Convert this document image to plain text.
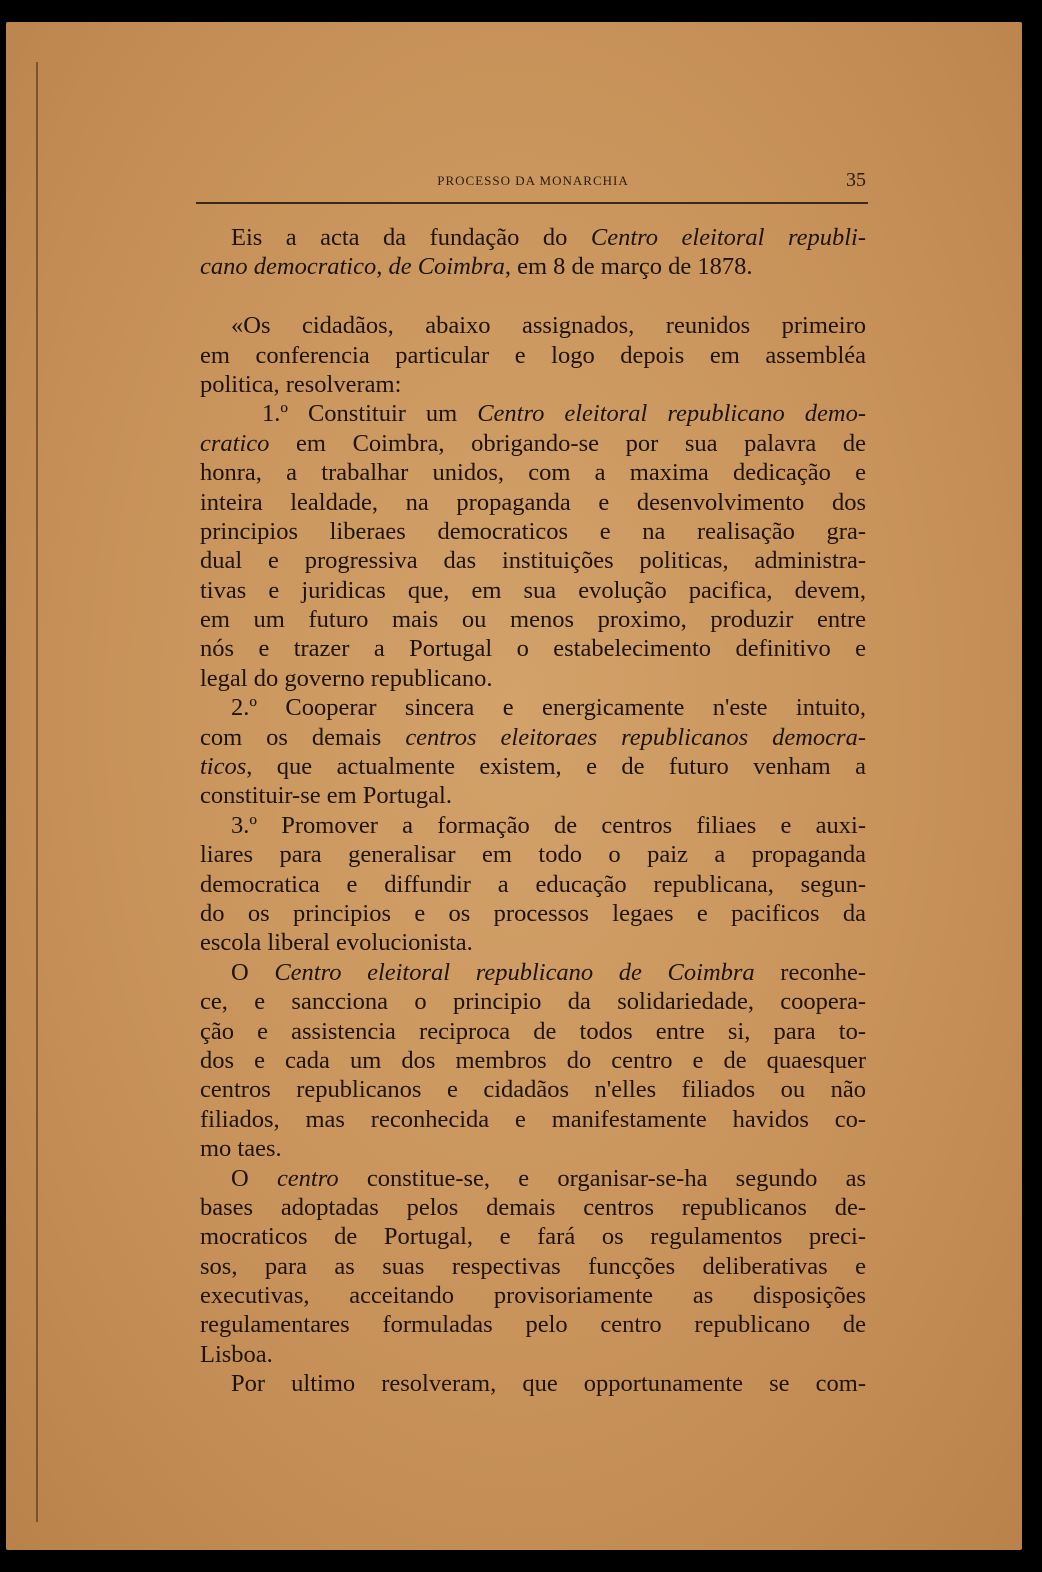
PROCESSO DA MONARCHIA	35
Eis a acta da fundação do Centro eleitoral republi-
cano democratico, de Coimbra, em 8 de março de 1878.
«Os cidadãos, abaixo assignados, reunidos primeiro
em conferencia particular e logo depois em assembléa
politica, resolveram:
1.º Constituir um Centro eleitoral republicano demo-
cratico em Coimbra, obrigando-se por sua palavra de
honra, a trabalhar unidos, com a maxima dedicação e
inteira lealdade, na propaganda e desenvolvimento dos
principios liberaes democraticos e na realisação gra-
dual e progressiva das instituições politicas, administra-
tivas e juridicas que, em sua evolução pacifica, devem,
em um futuro mais ou menos proximo, produzir entre
nós e trazer a Portugal o estabelecimento definitivo e
legal do governo republicano.
2.º Cooperar sincera e energicamente n'este intuito,
com os demais centros eleitoraes republicanos democra-
ticos, que actualmente existem, e de futuro venham a
constituir-se em Portugal.
3.º Promover a formação de centros filiaes e auxi-
liares para generalisar em todo o paiz a propaganda
democratica e diffundir a educação republicana, segun-
do os principios e os processos legaes e pacificos da
escola liberal evolucionista.
O Centro eleitoral republicano de Coimbra reconhe-
ce, e sancciona o principio da solidariedade, coopera-
ção e assistencia reciproca de todos entre si, para to-
dos e cada um dos membros do centro e de quaesquer
centros republicanos e cidadãos n'elles filiados ou não
filiados, mas reconhecida e manifestamente havidos co-
mo taes.
O centro constitue-se, e organisar-se-ha segundo as
bases adoptadas pelos demais centros republicanos de-
mocraticos de Portugal, e fará os regulamentos preci-
sos, para as suas respectivas funcções deliberativas e
executivas, acceitando provisoriamente as disposições
regulamentares formuladas pelo centro republicano de
Lisboa.
Por ultimo resolveram, que opportunamente se com-
